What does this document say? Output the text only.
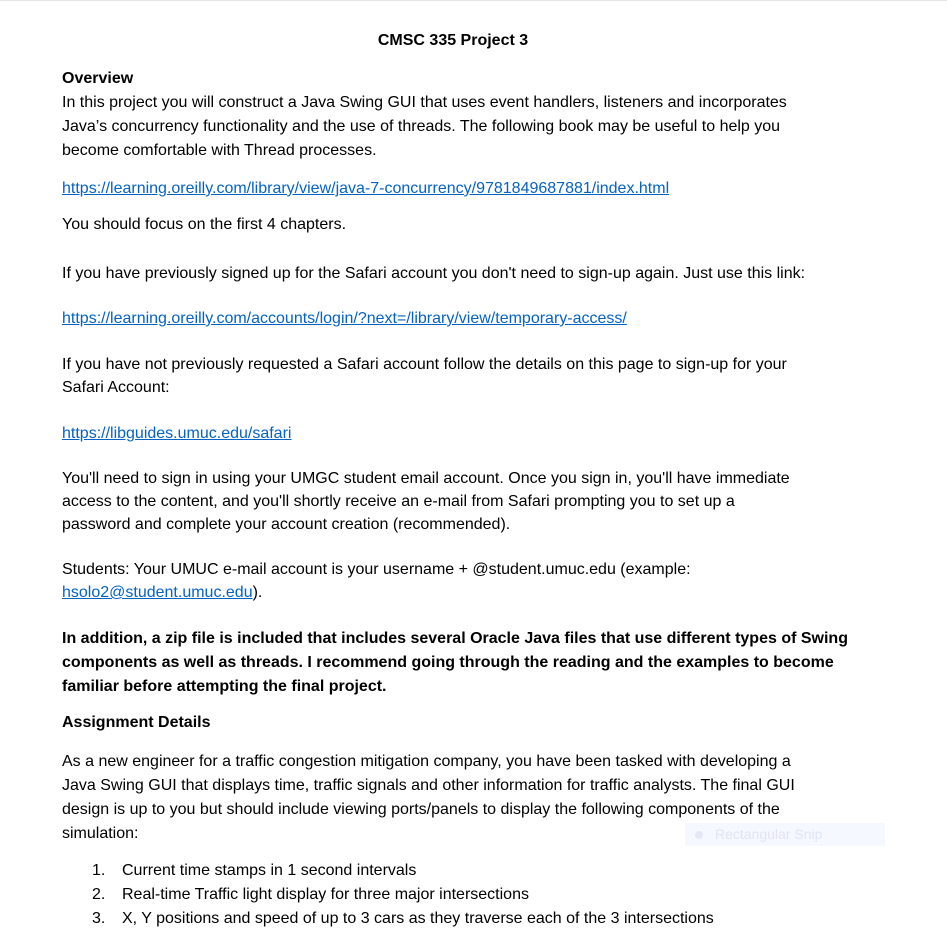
CMSC 335 Project 3
Overview
In this project you will construct a Java Swing GUI that uses event handlers, listeners and incorporates
Java’s concurrency functionality and the use of threads. The following book may be useful to help you
become comfortable with Thread processes.
https://learning.oreilly.com/library/view/java-7-concurrency/9781849687881/index.html
You should focus on the first 4 chapters.
If you have previously signed up for the Safari account you don't need to sign-up again. Just use this link:
https://learning.oreilly.com/accounts/login/?next=/library/view/temporary-access/
If you have not previously requested a Safari account follow the details on this page to sign-up for your
Safari Account:
https://libguides.umuc.edu/safari
You'll need to sign in using your UMGC student email account. Once you sign in, you'll have immediate
access to the content, and you'll shortly receive an e-mail from Safari prompting you to set up a
password and complete your account creation (recommended).
Students: Your UMUC e-mail account is your username + @student.umuc.edu (example:
hsolo2@student.umuc.edu).
In addition, a zip file is included that includes several Oracle Java files that use different types of Swing
components as well as threads. I recommend going through the reading and the examples to become
familiar before attempting the final project.
Assignment Details
As a new engineer for a traffic congestion mitigation company, you have been tasked with developing a
Java Swing GUI that displays time, traffic signals and other information for traffic analysts. The final GUI
design is up to you but should include viewing ports/panels to display the following components of the
simulation:	Rectangular Snip
1. Current time stamps in 1 second intervals
2. Real-time Traffic light display for three major intersections
3. X, Y positions and speed of up to 3 cars as they traverse each of the 3 intersections
